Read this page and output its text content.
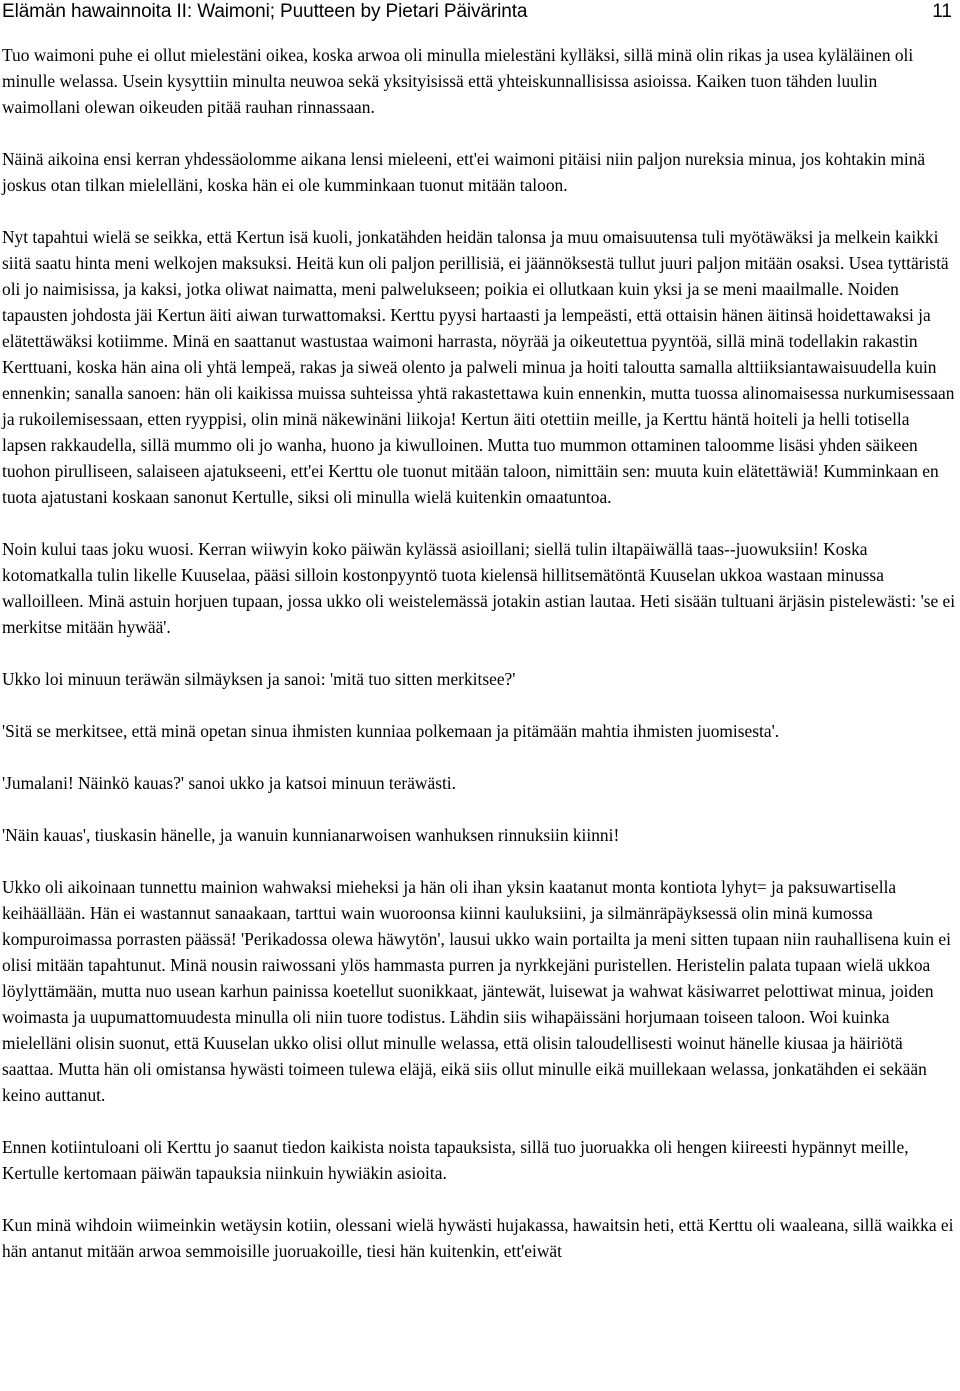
Elämän hawainnoita II: Waimoni; Puutteen by Pietari Päivärinta	11

Tuo waimoni puhe ei ollut mielestäni oikea, koska arwoa oli minulla mielestäni kylläksi, sillä minä olin rikas ja usea kyläläinen oli minulle welassa. Usein kysyttiin minulta neuwoa sekä yksityisissä että yhteiskunnallisissa asioissa. Kaiken tuon tähden luulin waimollani olewan oikeuden pitää rauhan rinnassaan.

Näinä aikoina ensi kerran yhdessäolomme aikana lensi mieleeni, ett'ei waimoni pitäisi niin paljon nureksia minua, jos kohtakin minä joskus otan tilkan mielelläni, koska hän ei ole kumminkaan tuonut mitään taloon.

Nyt tapahtui wielä se seikka, että Kertun isä kuoli, jonkatähden heidän talonsa ja muu omaisuutensa tuli myötäwäksi ja melkein kaikki siitä saatu hinta meni welkojen maksuksi. Heitä kun oli paljon perillisiä, ei jäännöksestä tullut juuri paljon mitään osaksi. Usea tyttäristä oli jo naimisissa, ja kaksi, jotka oliwat naimatta, meni palwelukseen; poikia ei ollutkaan kuin yksi ja se meni maailmalle. Noiden tapausten johdosta jäi Kertun äiti aiwan turwattomaksi. Kerttu pyysi hartaasti ja lempeästi, että ottaisin hänen äitinsä hoidettawaksi ja elätettäwäksi kotiimme. Minä en saattanut wastustaa waimoni harrasta, nöyrää ja oikeutettua pyyntöä, sillä minä todellakin rakastin Kerttuani, koska hän aina oli yhtä lempeä, rakas ja siweä olento ja palweli minua ja hoiti taloutta samalla alttiiksiantawaisuudella kuin ennenkin; sanalla sanoen: hän oli kaikissa muissa suhteissa yhtä rakastettawa kuin ennenkin, mutta tuossa alinomaisessa nurkumisessaan ja rukoilemisessaan, etten ryyppisi, olin minä näkewinäni liikoja! Kertun äiti otettiin meille, ja Kerttu häntä hoiteli ja helli totisella lapsen rakkaudella, sillä mummo oli jo wanha, huono ja kiwulloinen. Mutta tuo mummon ottaminen taloomme lisäsi yhden säikeen tuohon pirulliseen, salaiseen ajatukseeni, ett'ei Kerttu ole tuonut mitään taloon, nimittäin sen: muuta kuin elätettäwiä! Kumminkaan en tuota ajatustani koskaan sanonut Kertulle, siksi oli minulla wielä kuitenkin omaatuntoa.

Noin kului taas joku wuosi. Kerran wiiwyin koko päiwän kylässä asioillani; siellä tulin iltapäiwällä taas--juowuksiin! Koska kotomatkalla tulin likelle Kuuselaa, pääsi silloin kostonpyyntö tuota kielensä hillitsemätöntä Kuuselan ukkoa wastaan minussa walloilleen. Minä astuin horjuen tupaan, jossa ukko oli weistelemässä jotakin astian lautaa. Heti sisään tultuani ärjäsin pistelewästi: 'se ei merkitse mitään hywää'.

Ukko loi minuun teräwän silmäyksen ja sanoi: 'mitä tuo sitten merkitsee?'

'Sitä se merkitsee, että minä opetan sinua ihmisten kunniaa polkemaan ja pitämään mahtia ihmisten juomisesta'.

'Jumalani! Näinkö kauas?' sanoi ukko ja katsoi minuun teräwästi.

'Näin kauas', tiuskasin hänelle, ja wanuin kunnianarwoisen wanhuksen rinnuksiin kiinni!

Ukko oli aikoinaan tunnettu mainion wahwaksi mieheksi ja hän oli ihan yksin kaatanut monta kontiota lyhyt= ja paksuwartisella keihäällään. Hän ei wastannut sanaakaan, tarttui wain wuoroonsa kiinni kauluksiini, ja silmänräpäyksessä olin minä kumossa kompuroimassa porrasten päässä! 'Perikadossa olewa häwytön', lausui ukko wain portailta ja meni sitten tupaan niin rauhallisena kuin ei olisi mitään tapahtunut. Minä nousin raiwossani ylös hammasta purren ja nyrkkejäni puristellen. Heristelin palata tupaan wielä ukkoa löylyttämään, mutta nuo usean karhun painissa koetellut suonikkaat, jäntewät, luisewat ja wahwat käsiwarret pelottiwat minua, joiden woimasta ja uupumattomuudesta minulla oli niin tuore todistus. Lähdin siis wihapäissäni horjumaan toiseen taloon. Woi kuinka mielelläni olisin suonut, että Kuuselan ukko olisi ollut minulle welassa, että olisin taloudellisesti woinut hänelle kiusaa ja häiriötä saattaa. Mutta hän oli omistansa hywästi toimeen tulewa eläjä, eikä siis ollut minulle eikä muillekaan welassa, jonkatähden ei sekään keino auttanut.

Ennen kotiintuloani oli Kerttu jo saanut tiedon kaikista noista tapauksista, sillä tuo juoruakka oli hengen kiireesti hypännyt meille, Kertulle kertomaan päiwän tapauksia niinkuin hywiäkin asioita.

Kun minä wihdoin wiimeinkin wetäysin kotiin, olessani wielä hywästi hujakassa, hawaitsin heti, että Kerttu oli waaleana, sillä waikka ei hän antanut mitään arwoa semmoisille juoruakoille, tiesi hän kuitenkin, ett'eiwät
